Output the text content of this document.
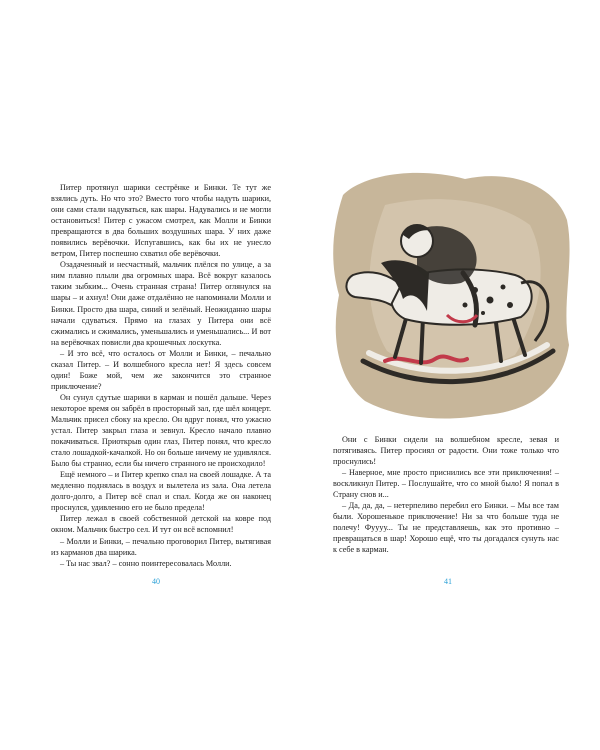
Питер протянул шарики сестрёнке и Бинки. Те тут же взялись дуть. Но что это? Вместо того чтобы надуть шарики, они сами стали надуваться, как шары. Надувались и не могли остановиться! Питер с ужасом смотрел, как Молли и Бинки превращаются в два больших воздушных шара. У них даже появились верёвочки. Испугавшись, как бы их не унесло ветром, Питер поспешно схватил обе верёвочки.

Озадаченный и несчастный, мальчик плёлся по улице, а за ним плавно плыли два огромных шара. Всё вокруг казалось таким зыбким... Очень странная страна! Питер оглянулся на шары – и ахнул! Они даже отдалённо не напоминали Молли и Бинки. Просто два шара, синий и зелёный. Неожиданно шары начали сдуваться. Прямо на глазах у Питера они всё сжимались и сжимались, уменьшались и уменьшались... И вот на верёвочках повисли два крошечных лоскутка.

– И это всё, что осталось от Молли и Бинки, – печально сказал Питер. – И волшебного кресла нет! Я здесь совсем один! Боже мой, чем же закончится это странное приключение?

Он сунул сдутые шарики в карман и пошёл дальше. Через некоторое время он забрёл в просторный зал, где шёл концерт. Мальчик присел сбоку на кресло. Он вдруг понял, что ужасно устал. Питер закрыл глаза и зевнул. Кресло начало плавно покачиваться. Приоткрыв один глаз, Питер понял, что кресло стало лошадкой-качалкой. Но он больше ничему не удивлялся. Было бы странно, если бы ничего странного не происходило!

Ещё немного – и Питер крепко спал на своей лошадке. А та медленно поднялась в воздух и вылетела из зала. Она летела долго-долго, а Питер всё спал и спал. Когда же он наконец проснулся, удивлению его не было предела!

Питер лежал в своей собственной детской на ковре под окном. Мальчик быстро сел. И тут он всё вспомнил!

– Молли и Бинки, – печально проговорил Питер, вытягивая из карманов два шарика.

– Ты нас звал? – сонно поинтересовалась Молли.

40

Они с Бинки сидели на волшебном кресле, зевая и потягиваясь. Питер просиял от радости. Они тоже только что проснулись!

– Наверное, мне просто приснились все эти приключения! – воскликнул Питер. – Послушайте, что со мной было! Я попал в Страну снов и...

– Да, да, да, – нетерпеливо перебил его Бинки. – Мы все там были. Хорошенькое приключение! Ни за что больше туда не полечу! Фуууу... Ты не представляешь, как это противно – превращаться в шар! Хорошо ещё, что ты догадался сунуть нас к себе в карман.

41
